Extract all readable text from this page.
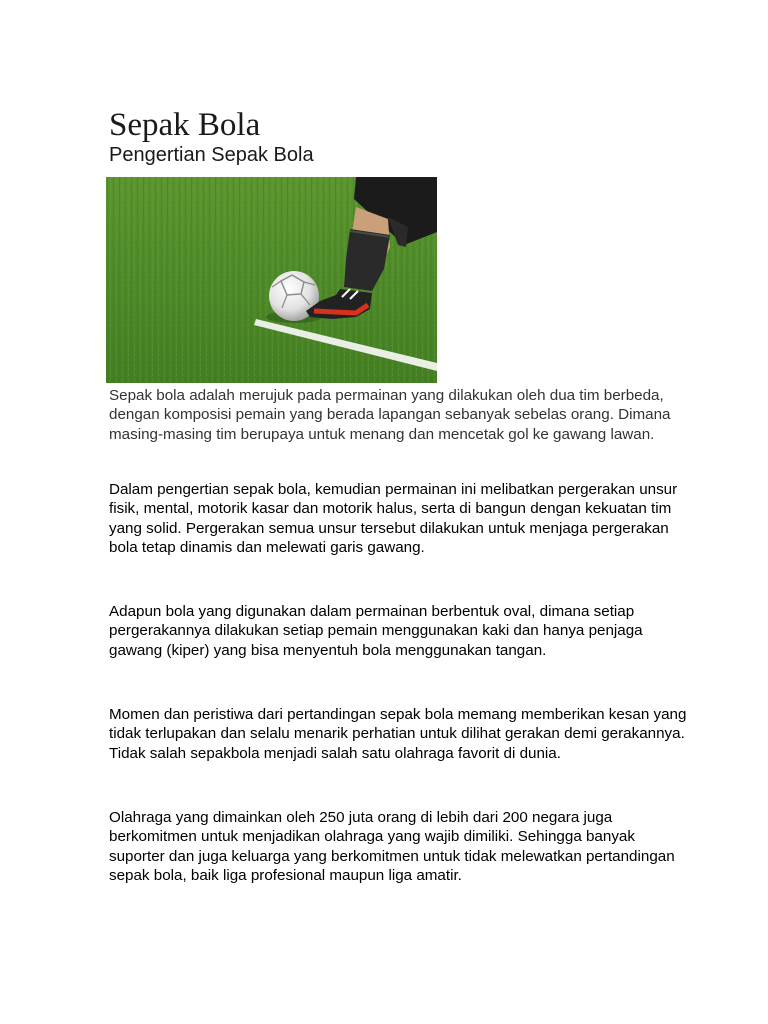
Sepak Bola
Pengertian Sepak Bola

Sepak bola adalah merujuk pada permainan yang dilakukan oleh dua tim berbeda, dengan komposisi pemain yang berada lapangan sebanyak sebelas orang. Dimana masing-masing tim berupaya untuk menang dan mencetak gol ke gawang lawan.

Dalam pengertian sepak bola, kemudian permainan ini melibatkan pergerakan unsur fisik, mental, motorik kasar dan motorik halus, serta di bangun dengan kekuatan tim yang solid. Pergerakan semua unsur tersebut dilakukan untuk menjaga pergerakan bola tetap dinamis dan melewati garis gawang.

Adapun bola yang digunakan dalam permainan berbentuk oval, dimana setiap pergerakannya dilakukan setiap pemain menggunakan kaki dan hanya penjaga gawang (kiper) yang bisa menyentuh bola menggunakan tangan.

Momen dan peristiwa dari pertandingan sepak bola memang memberikan kesan yang tidak terlupakan dan selalu menarik perhatian untuk dilihat gerakan demi gerakannya. Tidak salah sepakbola menjadi salah satu olahraga favorit di dunia.

Olahraga yang dimainkan oleh 250 juta orang di lebih dari 200 negara juga berkomitmen untuk menjadikan olahraga yang wajib dimiliki. Sehingga banyak suporter dan juga keluarga yang berkomitmen untuk tidak melewatkan pertandingan sepak bola, baik liga profesional maupun liga amatir.
